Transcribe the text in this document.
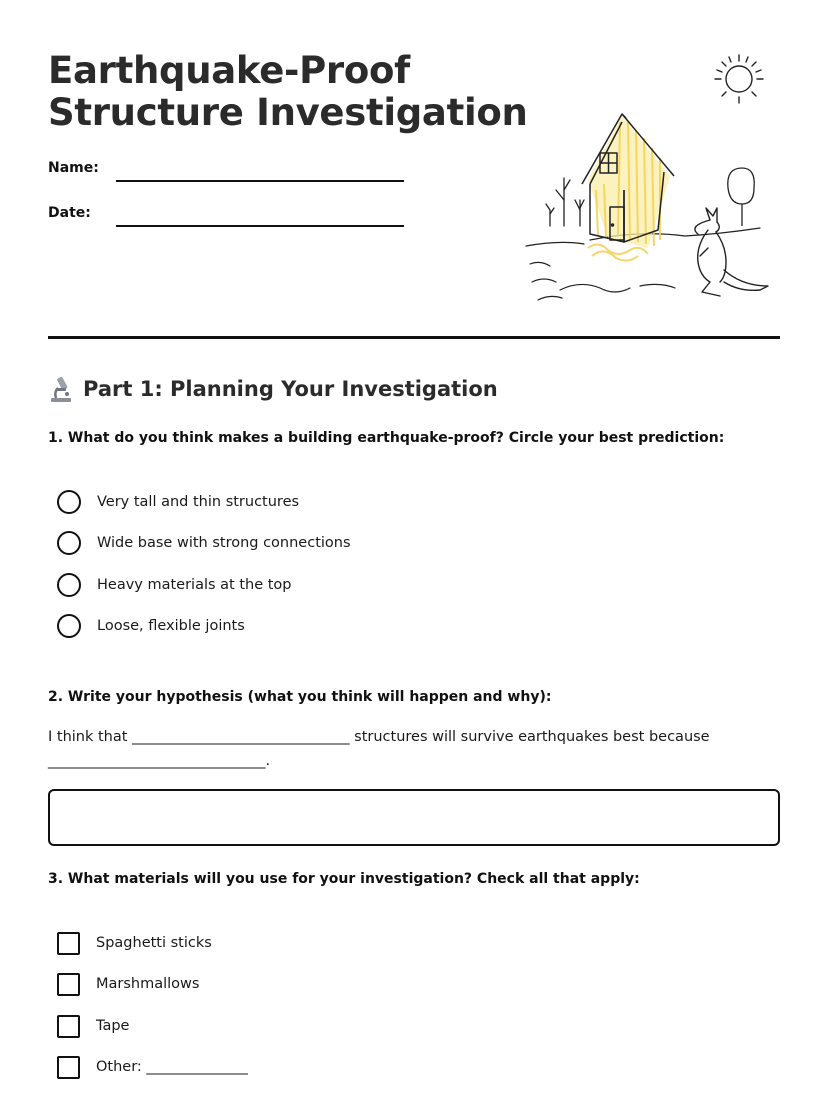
Earthquake-Proof
Structure Investigation
Name:
Date:
Part 1: Planning Your Investigation
1. What do you think makes a building earthquake-proof? Circle your best prediction:
Very tall and thin structures
Wide base with strong connections
Heavy materials at the top
Loose, flexible joints
2. Write your hypothesis (what you think will happen and why):
I think that ______________________________ structures will survive earthquakes best because
______________________________.
3. What materials will you use for your investigation? Check all that apply:
Spaghetti sticks
Marshmallows
Tape
Other: ______________
